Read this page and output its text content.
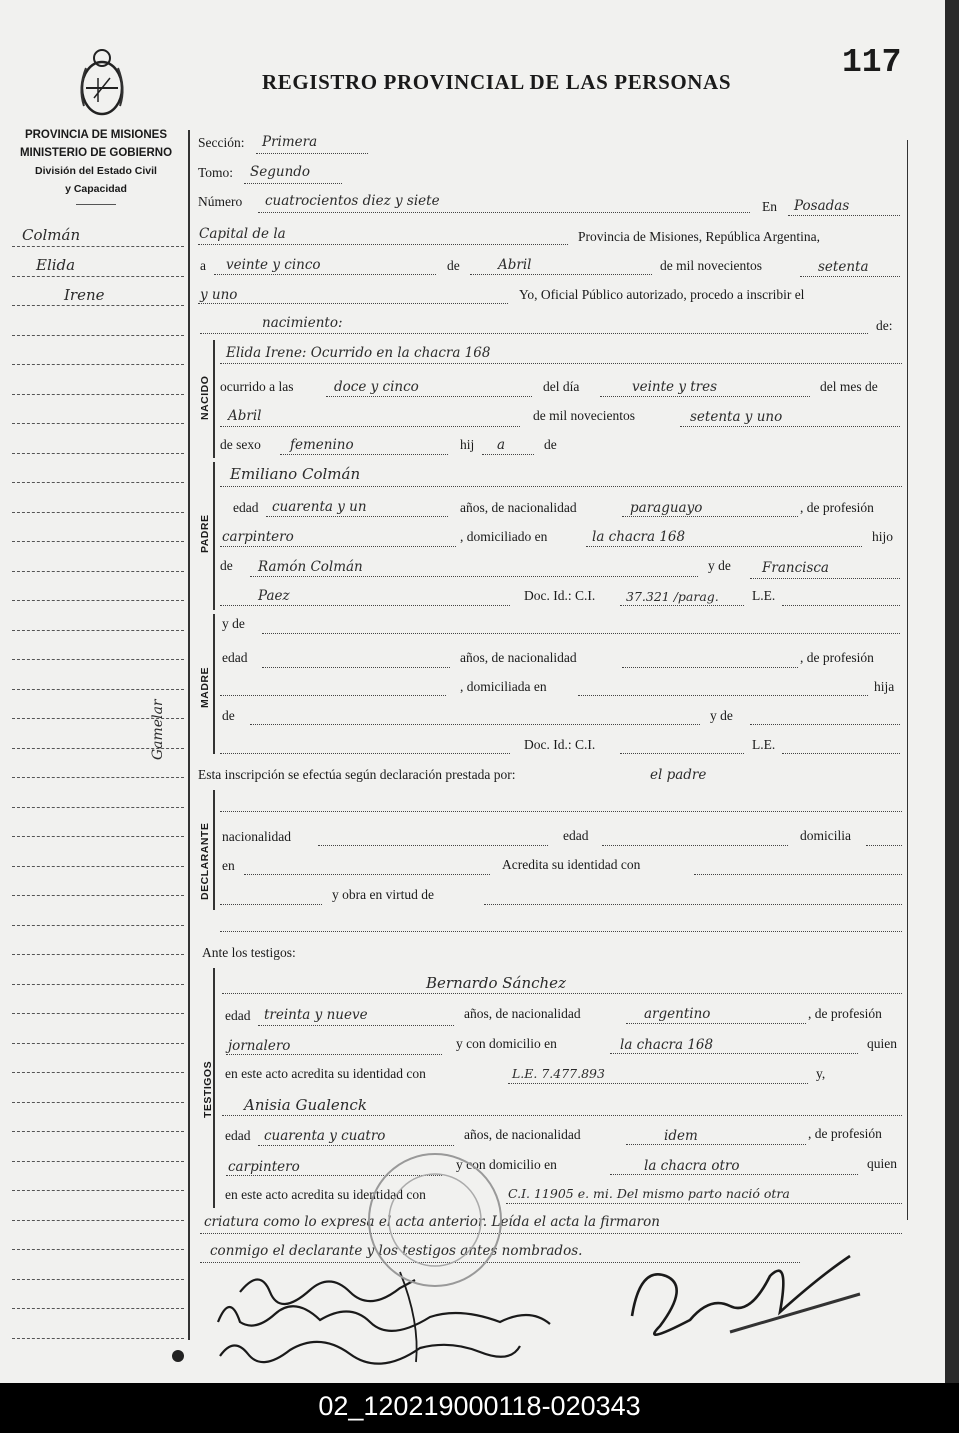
REGISTRO PROVINCIAL DE LAS PERSONAS
117
PROVINCIA DE MISIONES
MINISTERIO DE GOBIERNO
División del Estado Civil
y Capacidad
Colmán
Elida
Irene
Gamelar
Sección: Primera
Tomo: Segundo
Número cuatrocientos diez y siete	En Posadas
Capital de la	Provincia de Misiones, República Argentina,
a veinte y cinco	de	Abril	de mil novecientos	setenta
y uno	Yo, Oficial Público autorizado, procedo a inscribir el
nacimiento:	de:
NACIDO
Elida Irene: Ocurrido en la chacra 168
ocurrido a las	doce y cinco	del día	veinte y tres	del mes de
Abril	de mil novecientos	setenta y uno
de sexo femenino	hij a	de
PADRE
Emiliano Colmán
edad cuarenta y un	años, de nacionalidad	paraguayo	, de profesión
carpintero	, domiciliado en	la chacra 168	hijo
de Ramón Colmán	y de Francisca
Paez	Doc. Id.: C.I. 37.321 /parag. L.E.
MADRE
y de
edad	años, de nacionalidad	, de profesión
, domiciliada en	hija
de	y de
Doc. Id.: C.I.	L.E.
Esta inscripción se efectúa según declaración prestada por:	el padre
DECLARANTE nacionalidad	edad	domicilia
en	Acredita su identidad con
y obra en virtud de
Ante los testigos:
TESTIGOS
Bernardo Sánchez
edad treinta y nueve	años, de nacionalidad	argentino	, de profesión
jornalero	y con domicilio en	la chacra 168	quien
en este acto acredita su identidad con	L.E. 7.477.893	y,
Anisia Gualenck
edad cuarenta y cuatro	años, de nacionalidad	idem	, de profesión
carpintero	y con domicilio en	la chacra otro	quien
en este acto acredita su identidad con	C.I. 11905 e. mi. Del mismo parto nació otra
criatura como lo expresa el acta anterior. Leída el acta la firmaron
conmigo el declarante y los testigos antes nombrados.
02_120219000118-020343
